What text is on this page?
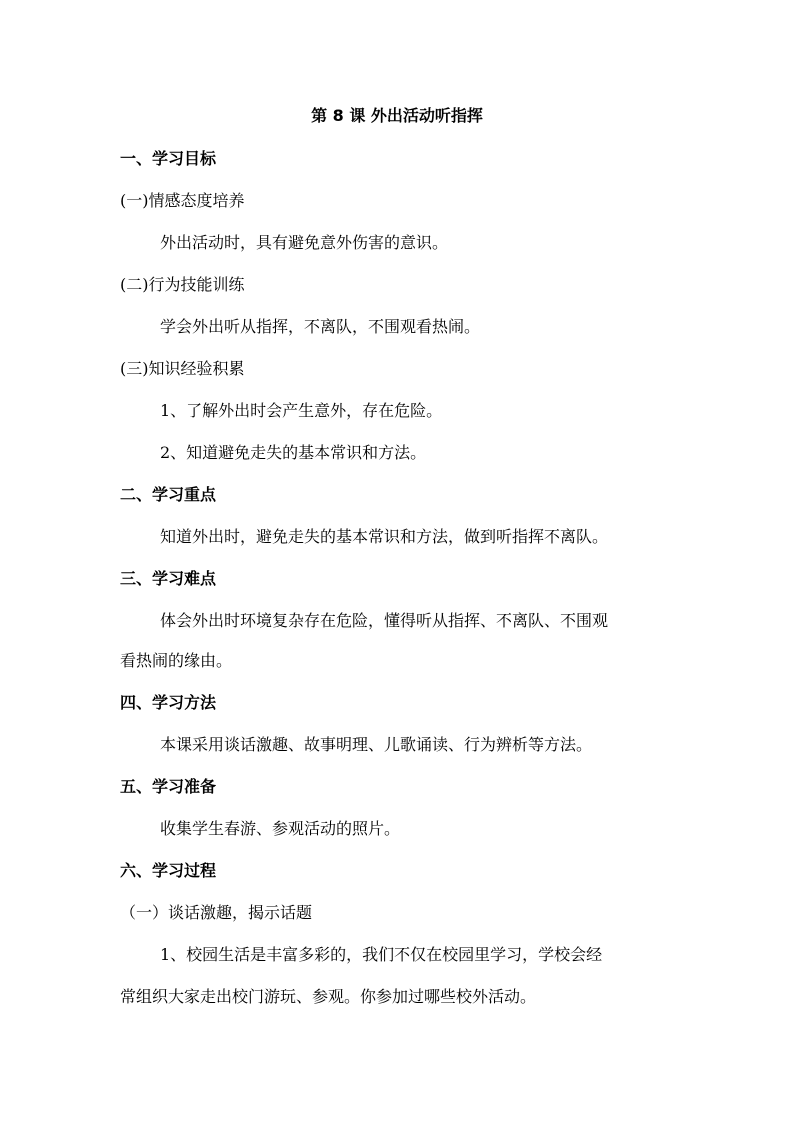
第 8 课 外出活动听指挥
一、学习目标
(一)情感态度培养
外出活动时，具有避免意外伤害的意识。
(二)行为技能训练
学会外出听从指挥，不离队，不围观看热闹。
(三)知识经验积累
1、了解外出时会产生意外，存在危险。
2、知道避免走失的基本常识和方法。
二、学习重点
知道外出时，避免走失的基本常识和方法，做到听指挥不离队。
三、学习难点
体会外出时环境复杂存在危险，懂得听从指挥、不离队、不围观
看热闹的缘由。
四、学习方法
本课采用谈话激趣、故事明理、儿歌诵读、行为辨析等方法。
五、学习准备
收集学生春游、参观活动的照片。
六、学习过程
（一）谈话激趣，揭示话题
1、校园生活是丰富多彩的，我们不仅在校园里学习，学校会经
常组织大家走出校门游玩、参观。你参加过哪些校外活动。
